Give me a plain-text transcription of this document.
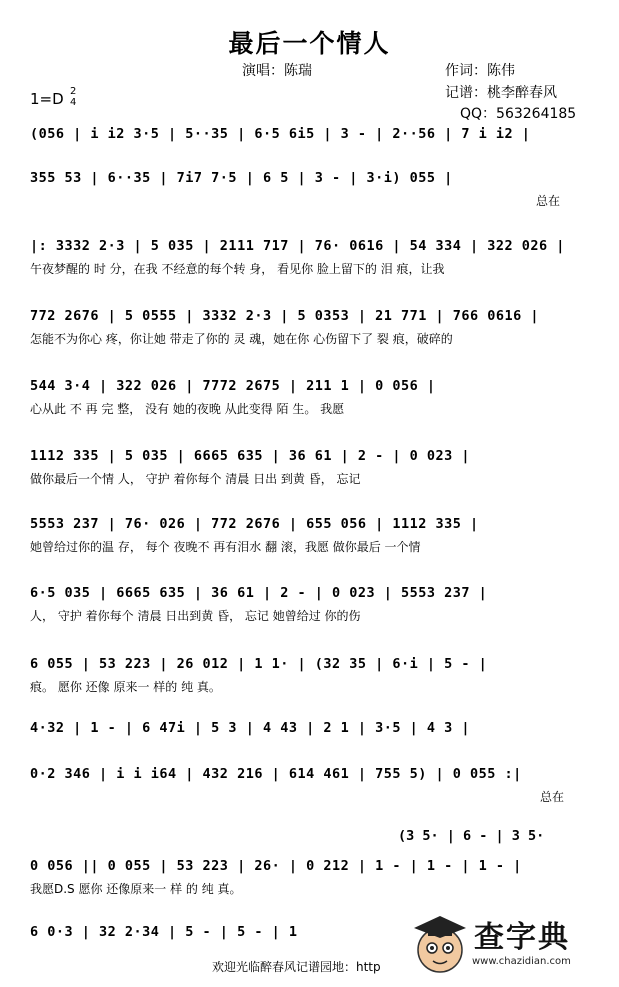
最后一个情人
演唱：陈瑞	作词：陈伟
记谱：桃李醉春风
QQ：563264185
1=D 2
4
(056 | i i2 3·5 | 5··35 | 6·5 6i5 | 3 - | 2··56 | 7 i i2 |
355 53 | 6··35 | 7i7 7·5 | 6 5 | 3 - | 3·i) 055 |
总在
|: 3332 2·3 | 5 035 | 2111 717 | 76· 0616 | 54 334 | 322 026 |
午夜梦醒的 时 分，在我 不经意的每个转 身， 看见你 脸上留下的 泪 痕，让我
772 2676 | 5 0555 | 3332 2·3 | 5 0353 | 21 771 | 766 0616 |
怎能不为你心 疼，你让她 带走了你的 灵 魂，她在你 心伤留下了 裂 痕，破碎的
544 3·4 | 322 026 | 7772 2675 | 211 1 | 0 056 |
心从此 不 再 完 整， 没有 她的夜晚 从此变得 陌 生。 我愿
1112 335 | 5 035 | 6665 635 | 36 61 | 2 - | 0 023 |
做你最后一个情 人， 守护 着你每个 清晨 日出 到黄 昏， 忘记
5553 237 | 76· 026 | 772 2676 | 655 056 | 1112 335 |
她曾给过你的温 存， 每个 夜晚不 再有泪水 翻 滚，我愿 做你最后 一个情
6·5 035 | 6665 635 | 36 61 | 2 - | 0 023 | 5553 237 |
人， 守护 着你每个 清晨 日出到黄 昏， 忘记 她曾给过 你的伤
6 055 | 53 223 | 26 012 | 1 1· | (32 35 | 6·i | 5 - |
痕。 愿你 还像 原来一 样的 纯 真。
4·32 | 1 - | 6 47i | 5 3 | 4 43 | 2 1 | 3·5 | 4 3 |
0·2 346 | i i i64 | 432 216 | 614 461 | 755 5) | 0 055 :|
总在
(3 5· | 6 - | 3 5·
0 056 || 0 055 | 53 223 | 26· | 0 212 | 1 - | 1 - | 1 - |
我愿D.S 愿你 还像原来一 样 的 纯 真。
6 0·3 | 32 2·34 | 5 - | 5 - | 1
欢迎光临醉春风记谱园地：http
查字典
www.chazidian.com
